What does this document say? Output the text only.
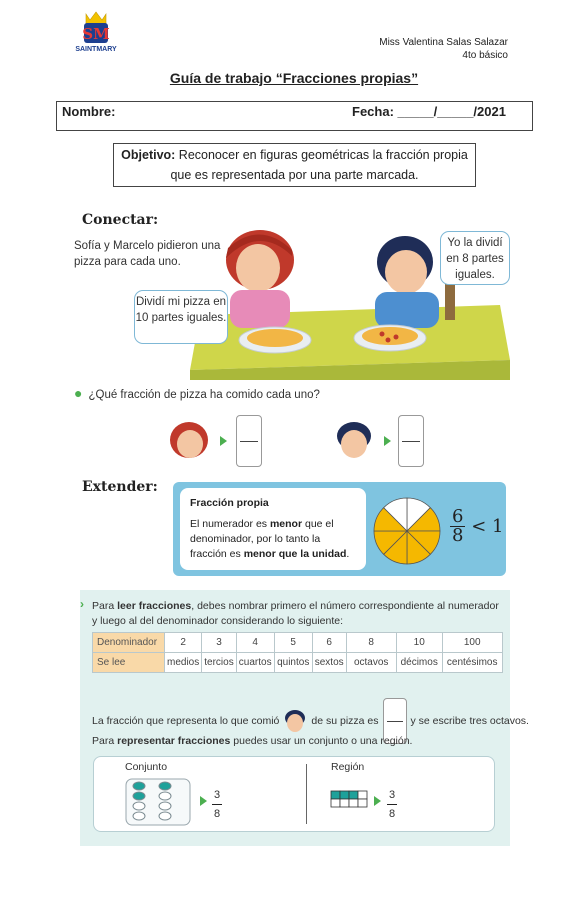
SM
SAINTMARY
Miss Valentina Salas Salazar
4to básico
Guía de trabajo “Fracciones propias”
Nombre:	Fecha: _____/_____/2021
Objetivo: Reconocer en figuras geométricas la fracción propia
que es representada por una parte marcada.
Conectar:
Sofía y Marcelo pidieron una pizza para cada uno.
Dividí mi pizza en 10 partes iguales.
Yo la dividí en 8 partes iguales.
● ¿Qué fracción de pizza ha comido cada uno?
Extender:
Fracción propia
El numerador es menor que el denominador, por lo tanto la fracción es menor que la unidad.
$\frac{6}{8} < 1$
› Para leer fracciones, debes nombrar primero el número correspondiente al numerador y luego al del denominador considerando lo siguiente:
Denominador	2	3	4	5	6	8	10	100
Se lee	medios	tercios	cuartos	quintos	sextos	octavos	décimos	centésimos
La fracción que representa lo que comió	de su pizza es	y se escribe tres octavos.
Para representar fracciones puedes usar un conjunto o una región.
Conjunto	Región
$\frac{3}{8}$	$\frac{3}{8}$
